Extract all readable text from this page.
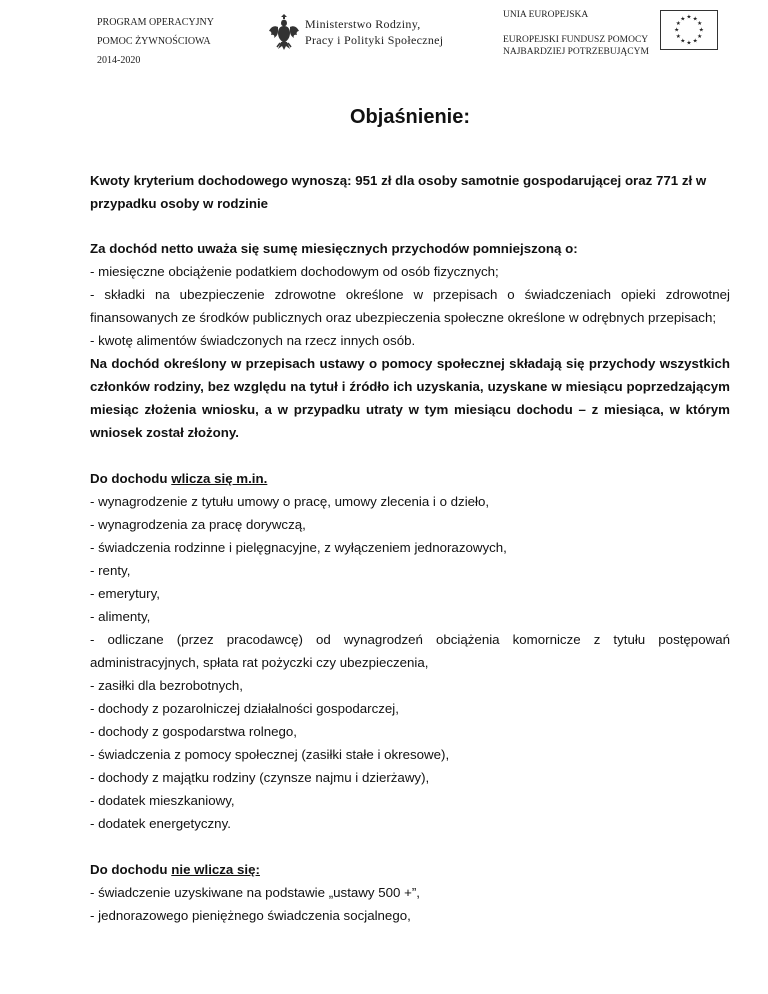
PROGRAM OPERACYJNY
POMOC ŻYWNOŚCIOWA
2014-2020
Ministerstwo Rodziny,
Pracy i Polityki Społecznej
UNIA EUROPEJSKA
EUROPEJSKI FUNDUSZ POMOCY
NAJBARDZIEJ POTRZEBUJĄCYM
★ ★
★
★
★
★
★
★
★
★
★
★
Objaśnienie:

Kwoty kryterium dochodowego wynoszą: 951 zł dla osoby samotnie gospodarującej oraz 771 zł w przypadku osoby w rodzinie

Za dochód netto uważa się sumę miesięcznych przychodów pomniejszoną o:

- miesięczne obciążenie podatkiem dochodowym od osób fizycznych;

- składki na ubezpieczenie zdrowotne określone w przepisach o świadczeniach opieki zdrowotnej finansowanych ze środków publicznych oraz ubezpieczenia społeczne określone w odrębnych przepisach;

- kwotę alimentów świadczonych na rzecz innych osób.

Na dochód określony w przepisach ustawy o pomocy społecznej składają się przychody wszystkich członków rodziny, bez względu na tytuł i źródło ich uzyskania, uzyskane w miesiącu poprzedzającym miesiąc złożenia wniosku, a w przypadku utraty w tym miesiącu dochodu – z miesiąca, w którym wniosek został złożony.

Do dochodu wlicza się m.in.

- wynagrodzenie z tytułu umowy o pracę, umowy zlecenia i o dzieło,

- wynagrodzenia za pracę dorywczą,

- świadczenia rodzinne i pielęgnacyjne, z wyłączeniem jednorazowych,

- renty,

- emerytury,

- alimenty,

- odliczane (przez pracodawcę) od wynagrodzeń obciążenia komornicze z tytułu postępowań administracyjnych, spłata rat pożyczki czy ubezpieczenia,

- zasiłki dla bezrobotnych,

- dochody z pozarolniczej działalności gospodarczej,

- dochody z gospodarstwa rolnego,

- świadczenia z pomocy społecznej (zasiłki stałe i okresowe),

- dochody z majątku rodziny (czynsze najmu i dzierżawy),

- dodatek mieszkaniowy,

- dodatek energetyczny.

Do dochodu nie wlicza się:

- świadczenie uzyskiwane na podstawie „ustawy 500 +”,

- jednorazowego pieniężnego świadczenia socjalnego,
